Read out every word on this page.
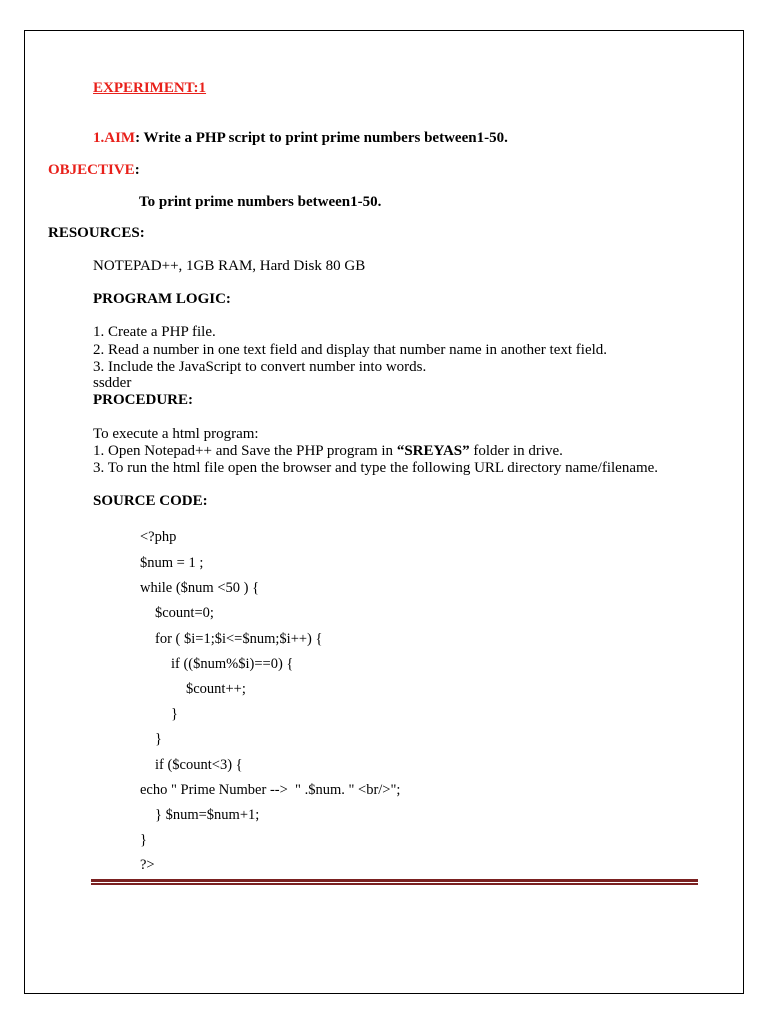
EXPERIMENT:1
1.AIM: Write a PHP script to print prime numbers between1-50.
OBJECTIVE:
To print prime numbers between1-50.
RESOURCES:
NOTEPAD++, 1GB RAM, Hard Disk 80 GB
PROGRAM LOGIC:
1. Create a PHP file.
2. Read a number in one text field and display that number name in another text field.
3. Include the JavaScript to convert number into words.
ssdder
PROCEDURE:
To execute a html program:
1. Open Notepad++ and Save the PHP program in “SREYAS” folder in drive.
3. To run the html file open the browser and type the following URL directory name/filename.
SOURCE CODE:
<?php
$num = 1 ;
while ($num <50 ) {
$count=0;
for ( $i=1;$i<=$num;$i++) {
if (($num%$i)==0) {
$count++;
}
}
if ($count<3) {
echo " Prime Number -->  " .$num. " <br/>";
} $num=$num+1;
}
?>
